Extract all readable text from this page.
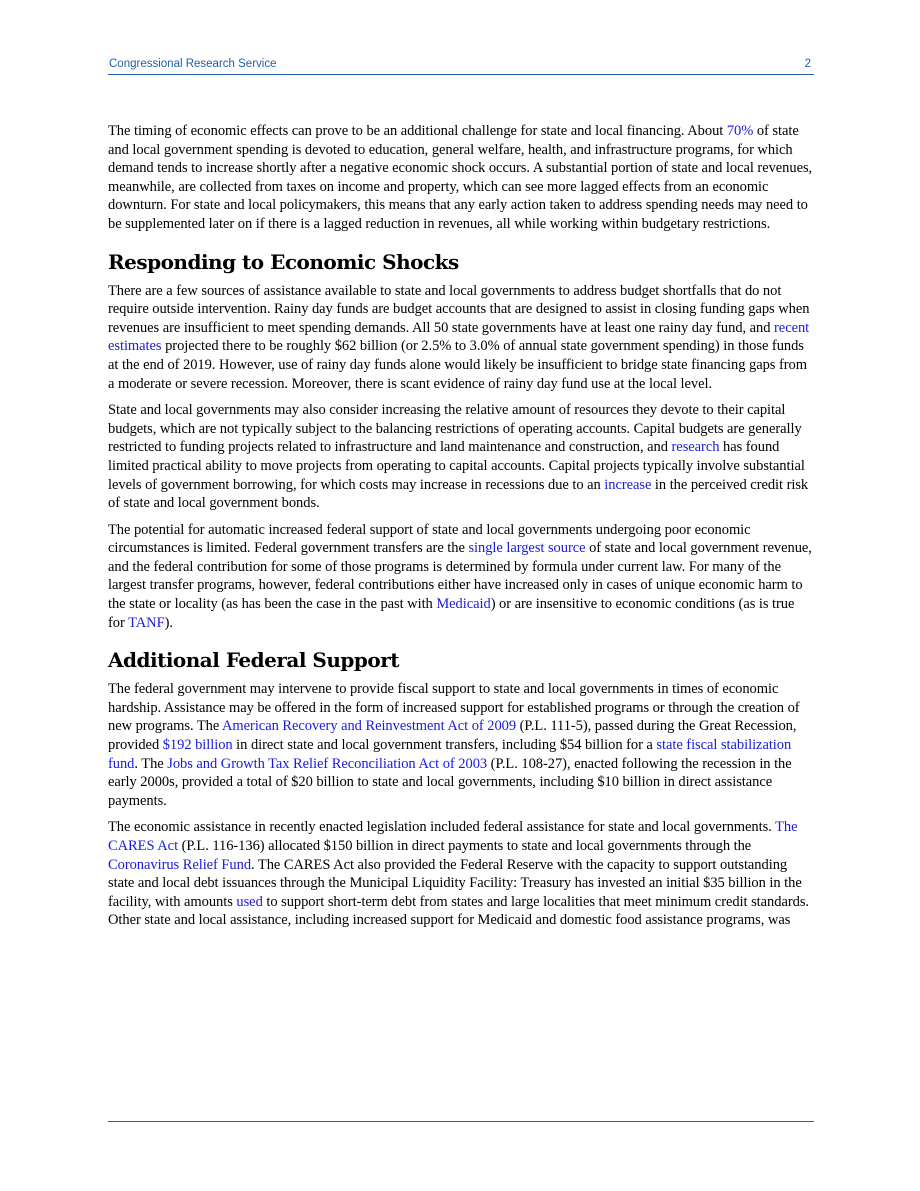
Congressional Research Service	2

The timing of economic effects can prove to be an additional challenge for state and local financing. About 70% of state and local government spending is devoted to education, general welfare, health, and infrastructure programs, for which demand tends to increase shortly after a negative economic shock occurs. A substantial portion of state and local revenues, meanwhile, are collected from taxes on income and property, which can see more lagged effects from an economic downturn. For state and local policymakers, this means that any early action taken to address spending needs may need to be supplemented later on if there is a lagged reduction in revenues, all while working within budgetary restrictions.

Responding to Economic Shocks

There are a few sources of assistance available to state and local governments to address budget shortfalls that do not require outside intervention. Rainy day funds are budget accounts that are designed to assist in closing funding gaps when revenues are insufficient to meet spending demands. All 50 state governments have at least one rainy day fund, and recent estimates projected there to be roughly $62 billion (or 2.5% to 3.0% of annual state government spending) in those funds at the end of 2019. However, use of rainy day funds alone would likely be insufficient to bridge state financing gaps from a moderate or severe recession. Moreover, there is scant evidence of rainy day fund use at the local level.

State and local governments may also consider increasing the relative amount of resources they devote to their capital budgets, which are not typically subject to the balancing restrictions of operating accounts. Capital budgets are generally restricted to funding projects related to infrastructure and land maintenance and construction, and research has found limited practical ability to move projects from operating to capital accounts. Capital projects typically involve substantial levels of government borrowing, for which costs may increase in recessions due to an increase in the perceived credit risk of state and local government bonds.

The potential for automatic increased federal support of state and local governments undergoing poor economic circumstances is limited. Federal government transfers are the single largest source of state and local government revenue, and the federal contribution for some of those programs is determined by formula under current law. For many of the largest transfer programs, however, federal contributions either have increased only in cases of unique economic harm to the state or locality (as has been the case in the past with Medicaid) or are insensitive to economic conditions (as is true for TANF).

Additional Federal Support

The federal government may intervene to provide fiscal support to state and local governments in times of economic hardship. Assistance may be offered in the form of increased support for established programs or through the creation of new programs. The American Recovery and Reinvestment Act of 2009 (P.L. 111-5), passed during the Great Recession, provided $192 billion in direct state and local government transfers, including $54 billion for a state fiscal stabilization fund. The Jobs and Growth Tax Relief Reconciliation Act of 2003 (P.L. 108-27), enacted following the recession in the early 2000s, provided a total of $20 billion to state and local governments, including $10 billion in direct assistance payments.

The economic assistance in recently enacted legislation included federal assistance for state and local governments. The CARES Act (P.L. 116-136) allocated $150 billion in direct payments to state and local governments through the Coronavirus Relief Fund. The CARES Act also provided the Federal Reserve with the capacity to support outstanding state and local debt issuances through the Municipal Liquidity Facility: Treasury has invested an initial $35 billion in the facility, with amounts used to support short-term debt from states and large localities that meet minimum credit standards. Other state and local assistance, including increased support for Medicaid and domestic food assistance programs, was
